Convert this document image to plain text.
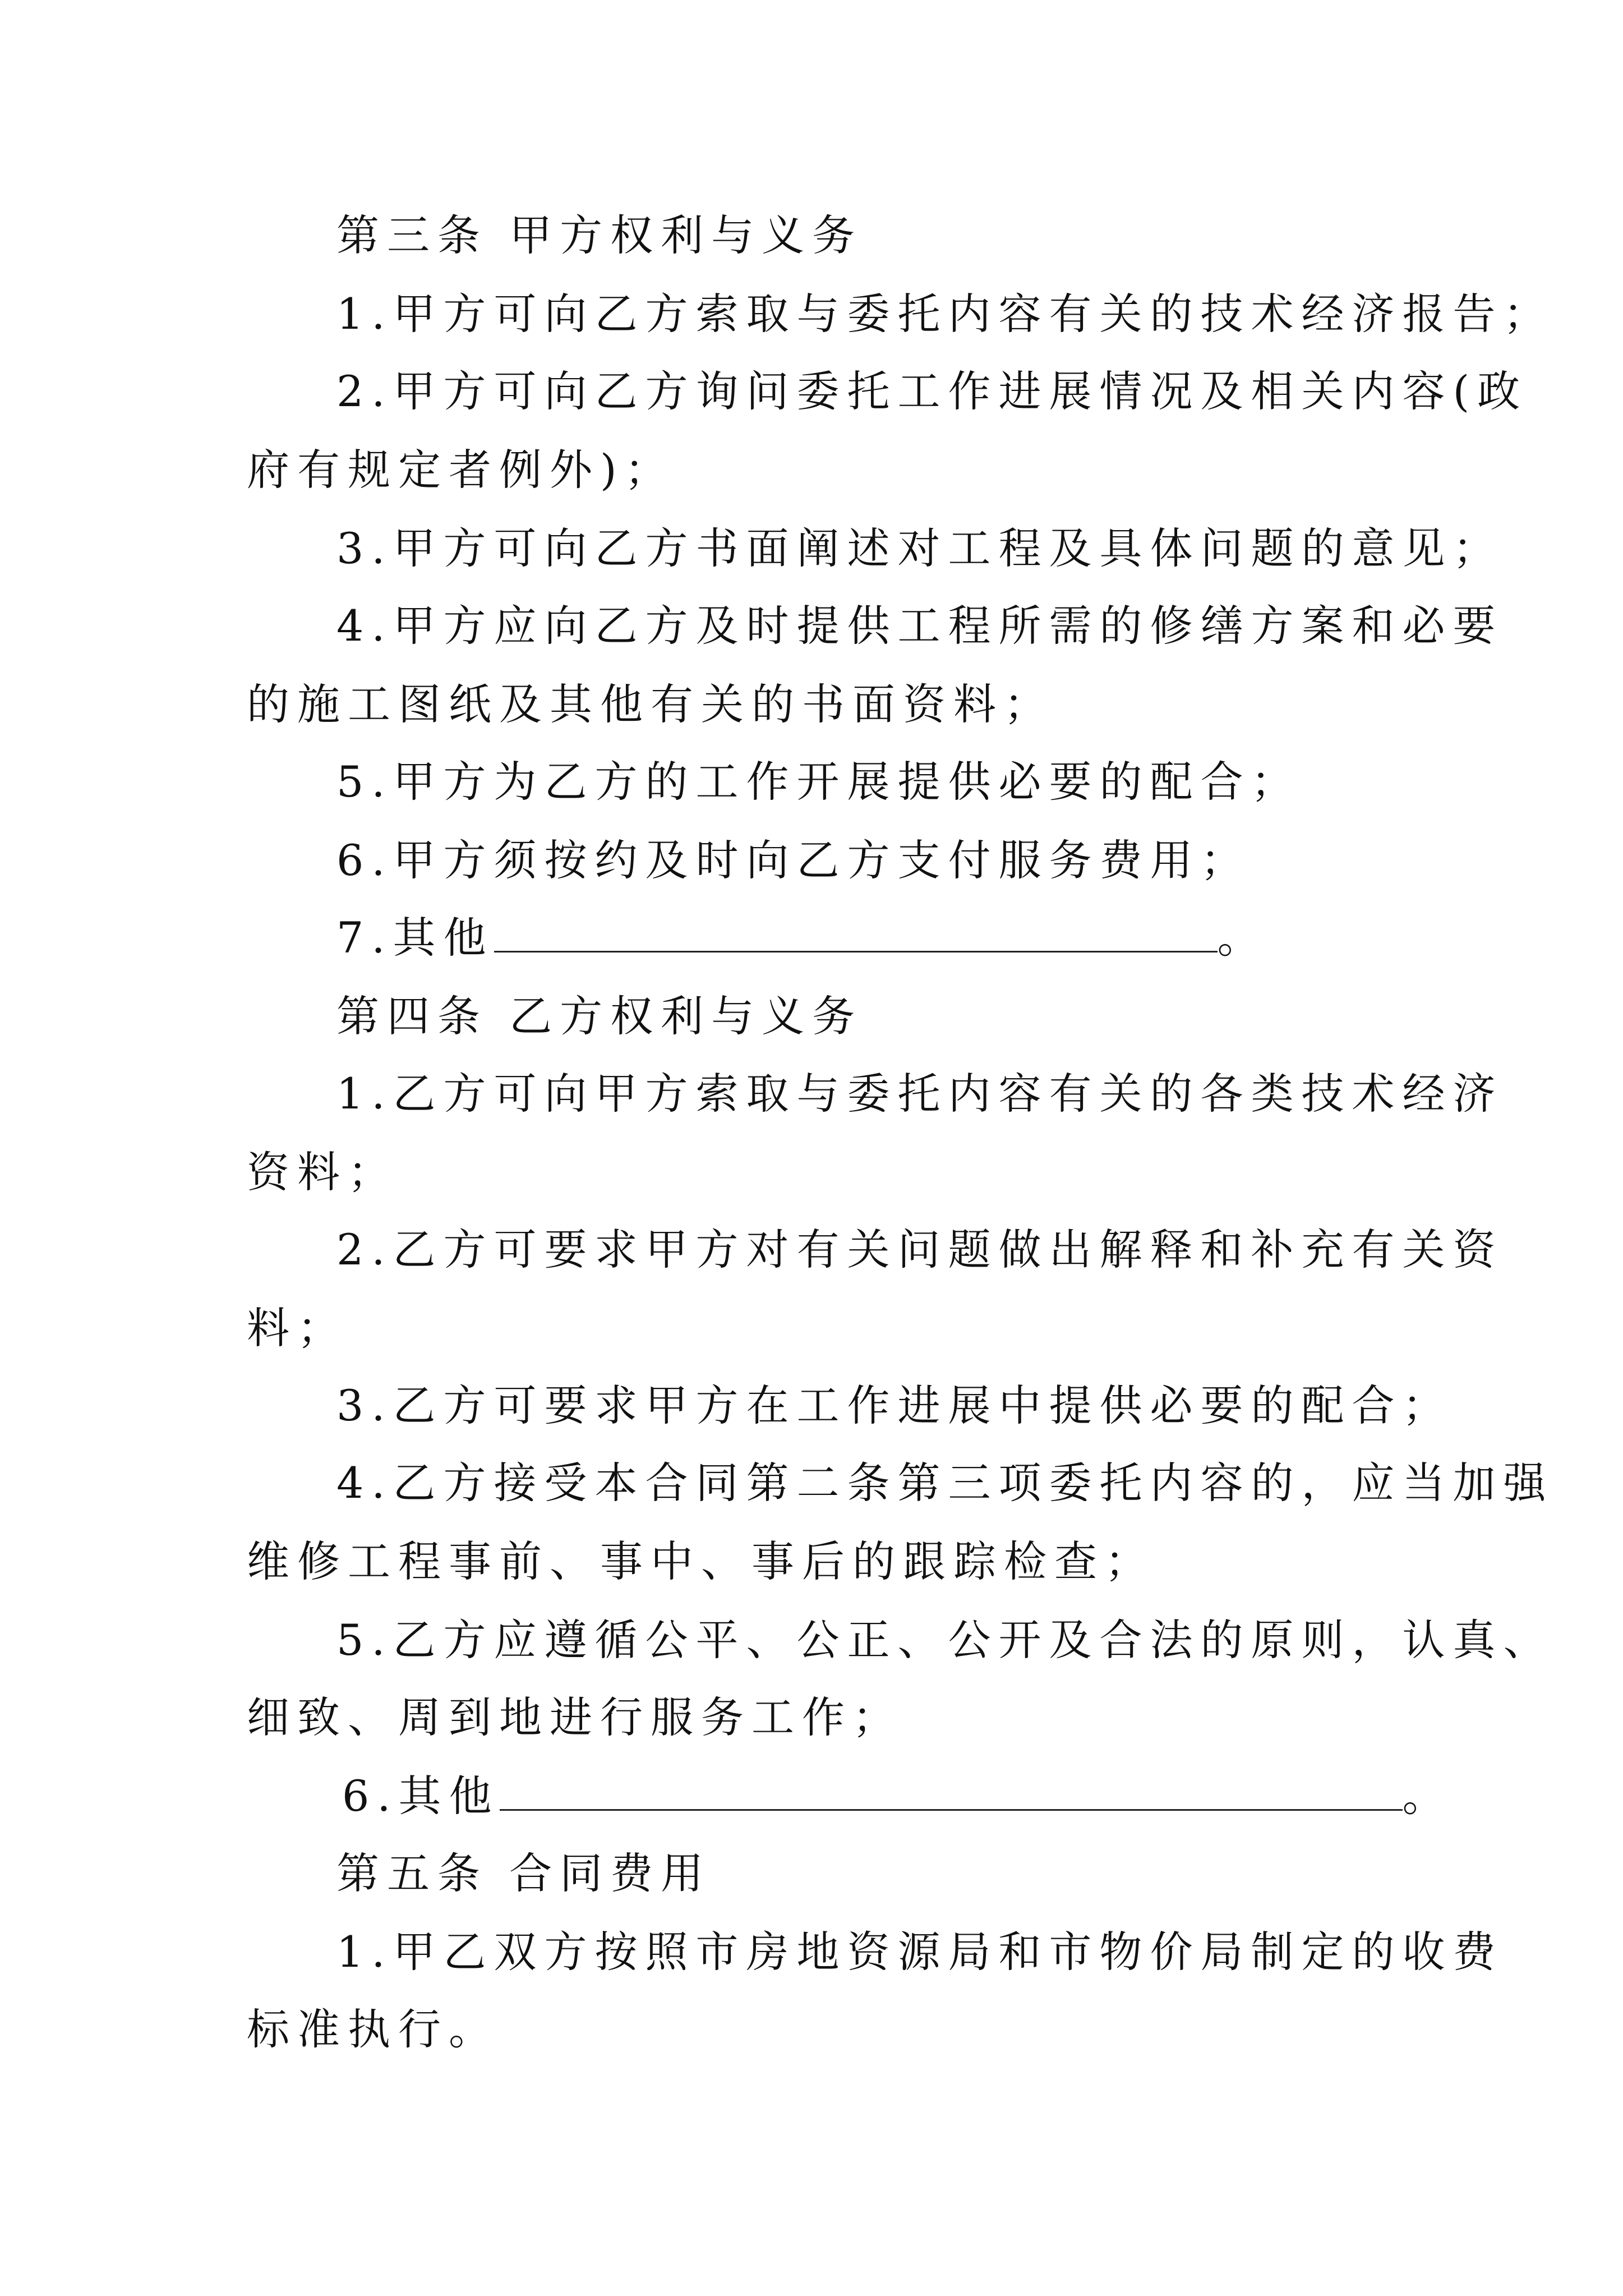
第三条 甲方权利与义务
1.甲方可向乙方索取与委托内容有关的技术经济报告；
2.甲方可向乙方询问委托工作进展情况及相关内容(政
府有规定者例外)；
3.甲方可向乙方书面阐述对工程及具体问题的意见；
4.甲方应向乙方及时提供工程所需的修缮方案和必要
的施工图纸及其他有关的书面资料；
5.甲方为乙方的工作开展提供必要的配合；
6.甲方须按约及时向乙方支付服务费用；
7.其他	。
第四条 乙方权利与义务
1.乙方可向甲方索取与委托内容有关的各类技术经济
资料；
2.乙方可要求甲方对有关问题做出解释和补充有关资
料；
3.乙方可要求甲方在工作进展中提供必要的配合；
4.乙方接受本合同第二条第三项委托内容的，应当加强
维修工程事前、事中、事后的跟踪检查；
5.乙方应遵循公平、公正、公开及合法的原则，认真、
细致、周到地进行服务工作；
6.其他	。
第五条 合同费用
1.甲乙双方按照市房地资源局和市物价局制定的收费
标准执行。
